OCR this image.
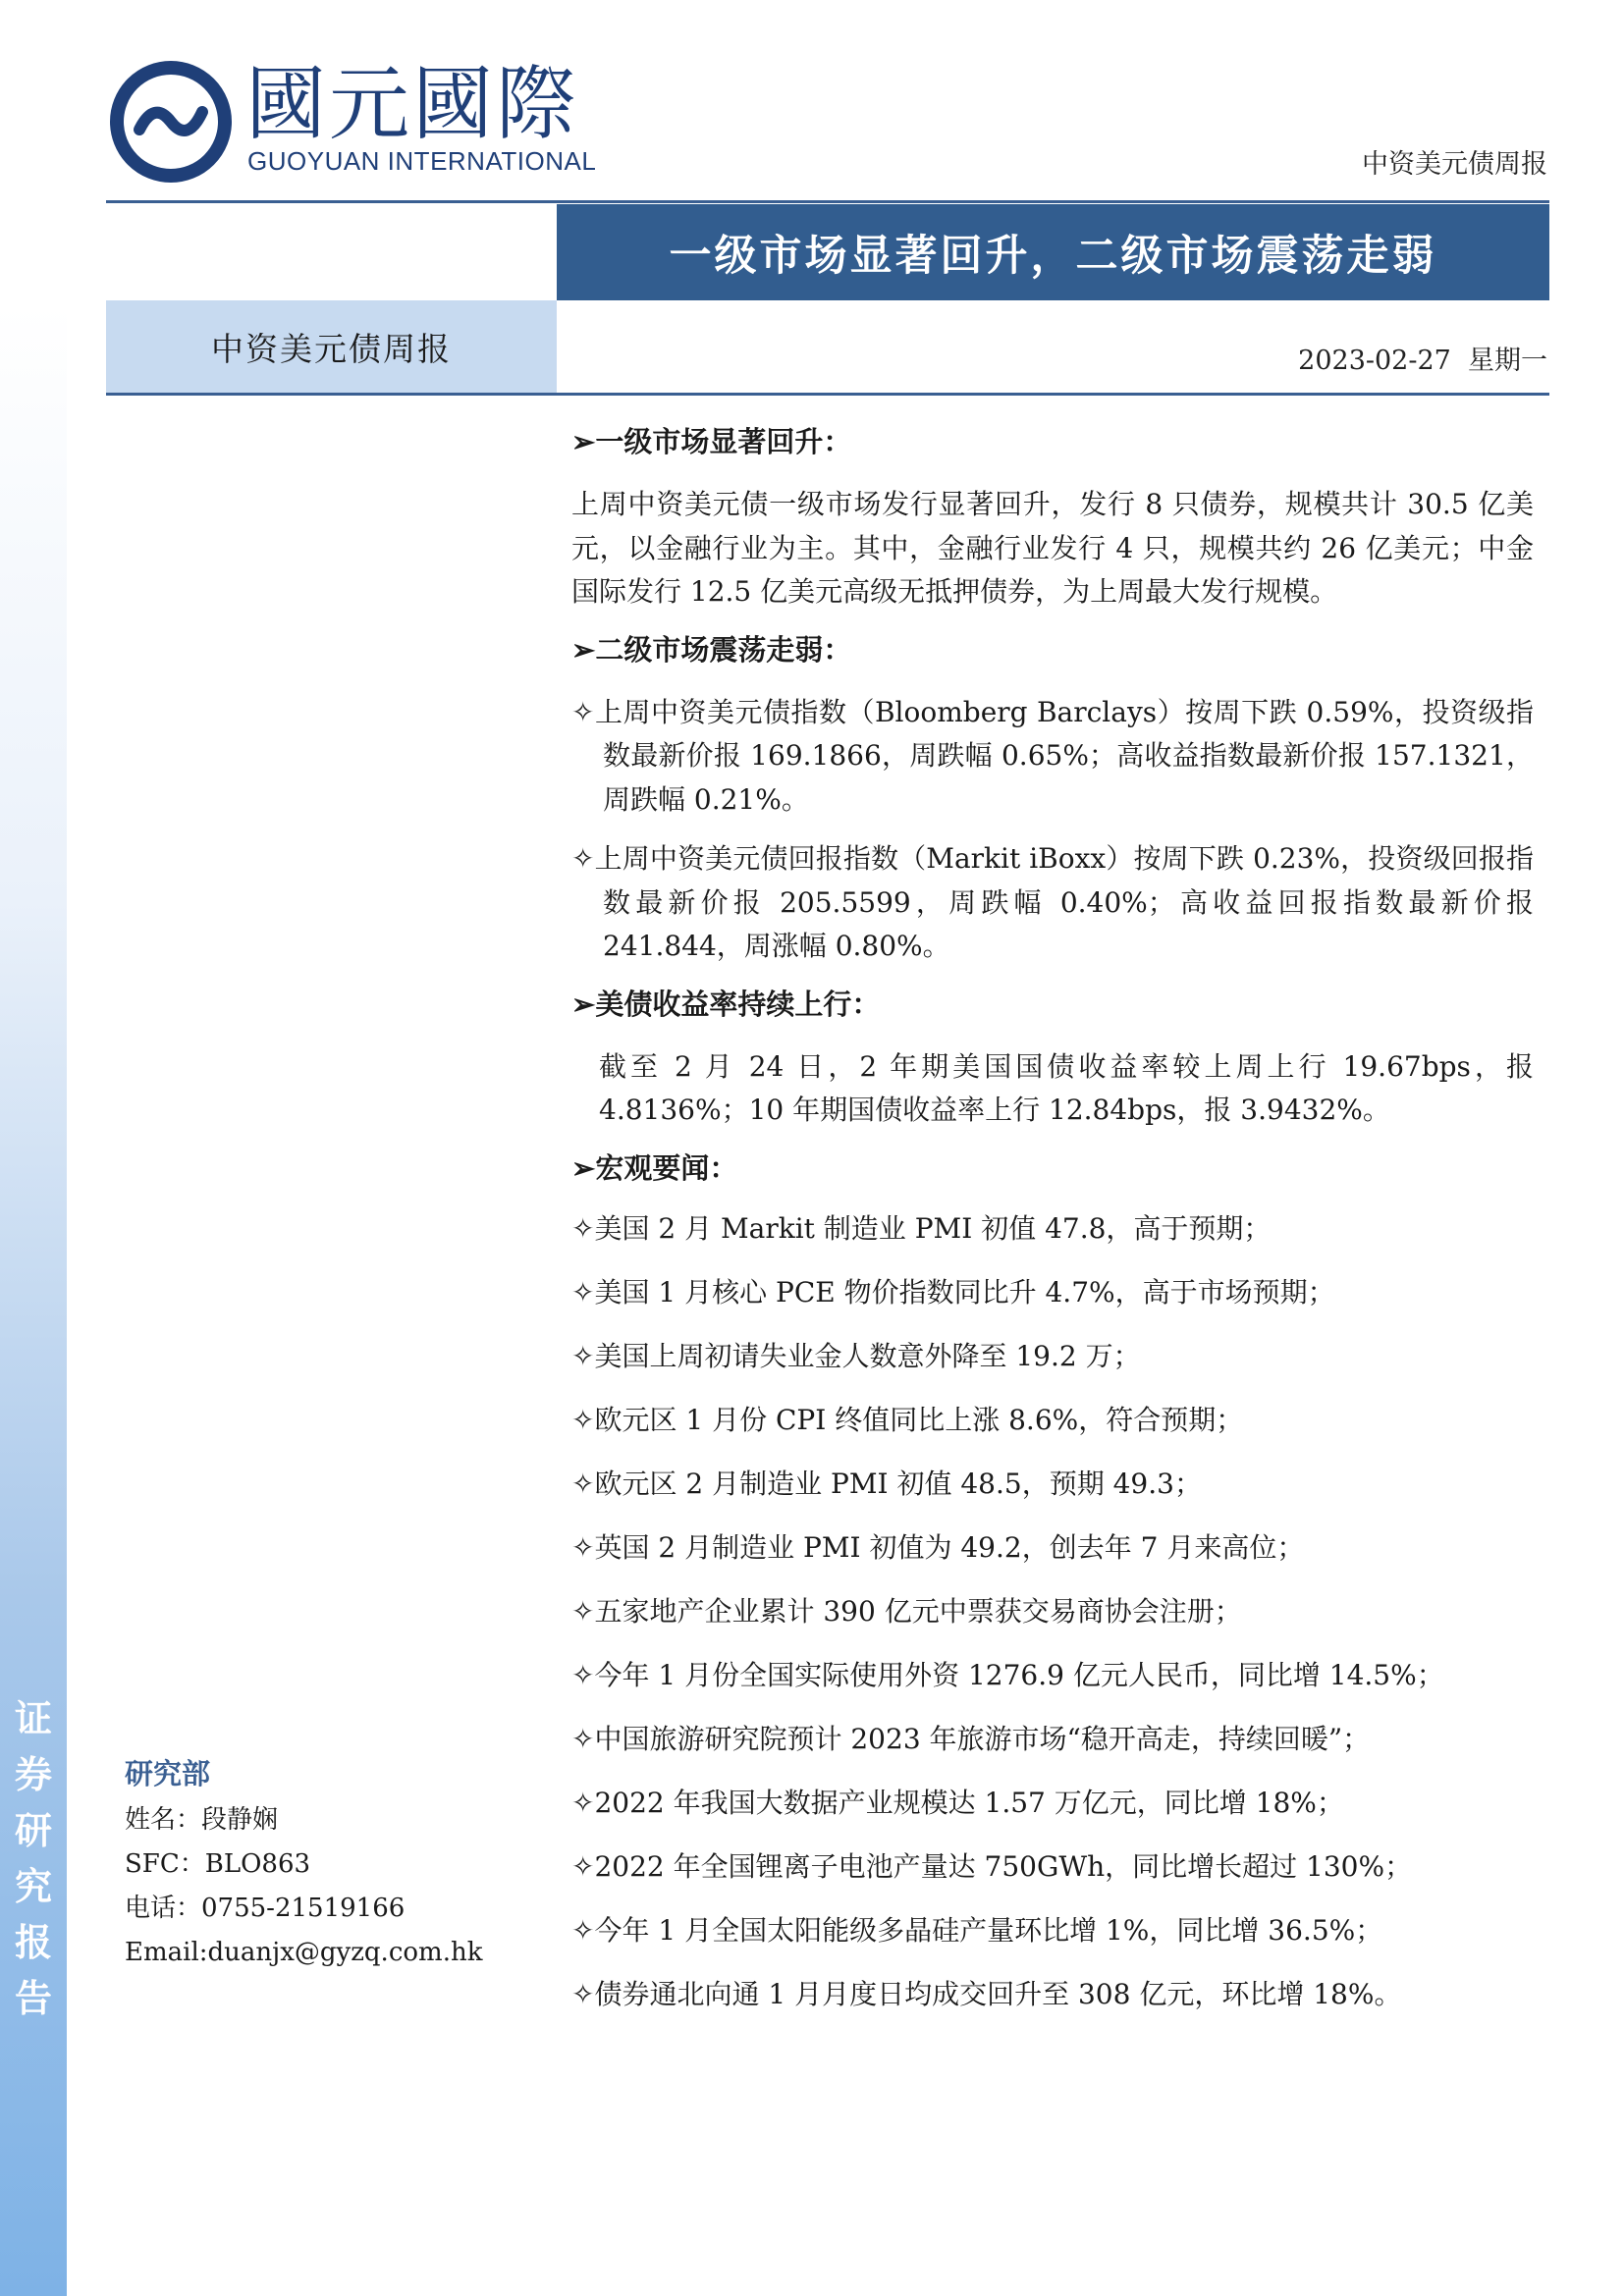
证
券
研
究
报
告
國元國際
GUOYUAN INTERNATIONAL	中资美元债周报
一级市场显著回升，二级市场震荡走弱
中资美元债周报	2023-02-27 星期一
➢一级市场显著回升：

上周中资美元债一级市场发行显著回升，发行 8 只债券，规模共计 30.5 亿美元，以金融行业为主。其中，金融行业发行 4 只，规模共约 26 亿美元；中金国际发行 12.5 亿美元高级无抵押债券，为上周最大发行规模。

➢二级市场震荡走弱：

✧上周中资美元债指数（Bloomberg Barclays）按周下跌 0.59%，投资级指数最新价报 169.1866，周跌幅 0.65%；高收益指数最新价报 157.1321，周跌幅 0.21%。

✧上周中资美元债回报指数（Markit iBoxx）按周下跌 0.23%，投资级回报指数最新价报 205.5599，周跌幅 0.40%；高收益回报指数最新价报 241.844，周涨幅 0.80%。

➢美债收益率持续上行：

截至 2 月 24 日，2 年期美国国债收益率较上周上行 19.67bps，报 4.8136%；10 年期国债收益率上行 12.84bps，报 3.9432%。

➢宏观要闻：
✧美国 2 月 Markit 制造业 PMI 初值 47.8，高于预期；
✧美国 1 月核心 PCE 物价指数同比升 4.7%，高于市场预期；
✧美国上周初请失业金人数意外降至 19.2 万；
✧欧元区 1 月份 CPI 终值同比上涨 8.6%，符合预期；
✧欧元区 2 月制造业 PMI 初值 48.5，预期 49.3；
✧英国 2 月制造业 PMI 初值为 49.2，创去年 7 月来高位；
✧五家地产企业累计 390 亿元中票获交易商协会注册；
✧今年 1 月份全国实际使用外资 1276.9 亿元人民币，同比增 14.5%；
✧中国旅游研究院预计 2023 年旅游市场“稳开高走，持续回暖”；
✧2022 年我国大数据产业规模达 1.57 万亿元，同比增 18%；
✧2022 年全国锂离子电池产量达 750GWh，同比增长超过 130%；
✧今年 1 月全国太阳能级多晶硅产量环比增 1%，同比增 36.5%；
✧债券通北向通 1 月月度日均成交回升至 308 亿元，环比增 18%。
研究部
姓名：段静娴
SFC：BLO863
电话：0755-21519166
Email:duanjx@gyzq.com.hk
